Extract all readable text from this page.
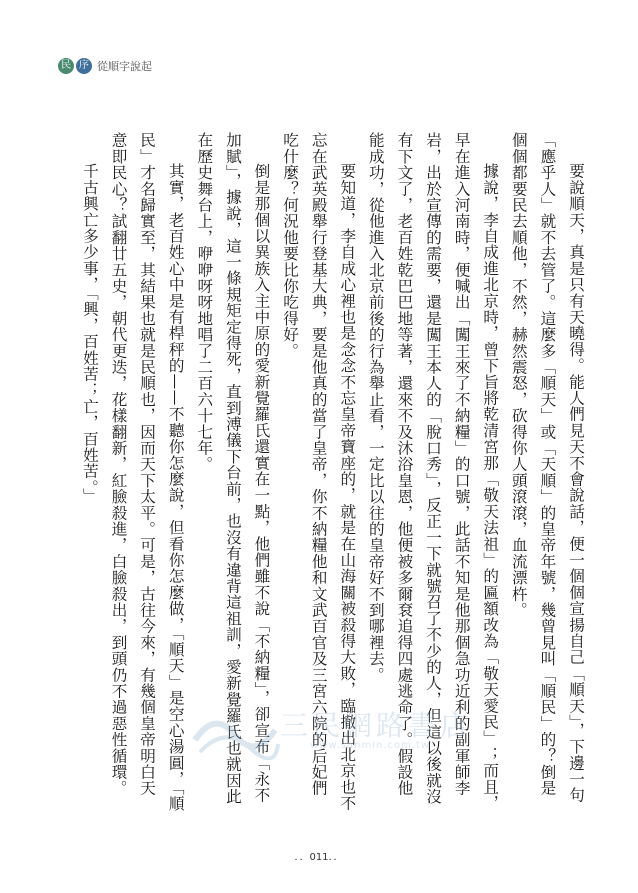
民 序 從順字說起

要說順天，真是只有天曉得。能人們見天不會說話，便一個個宣揚自己「順天」，下邊一句「應乎人」就不去管了。這麼多「順天」或「天順」的皇帝年號，幾曾見叫「順民」的？倒是個個都要民去順他，不然，赫然震怒，砍得你人頭滾滾，血流漂杵。

據說，李自成進北京時，曾下旨將乾清宮那「敬天法祖」的匾額改為「敬天愛民」；而且，早在進入河南時，便喊出「闖王來了不納糧」的口號，此話不知是他那個急功近利的副軍師李岩，出於宣傳的需要，還是闖王本人的「脫口秀」，反正一下就號召了不少的人，但這以後就沒有下文了，老百姓乾巴巴地等著，還來不及沐浴皇恩，他便被多爾袞追得四處逃命了。假設他能成功，從他進入北京前後的行為舉止看，一定比以往的皇帝好不到哪裡去。

要知道，李自成心裡也是念念不忘皇帝寶座的，就是在山海關被殺得大敗，臨撤出北京也不忘在武英殿舉行登基大典，要是他真的當了皇帝，你不納糧他和文武百官及三宮六院的后妃們吃什麼？何況他要比你吃得好。

倒是那個以異族入主中原的愛新覺羅氏還實在一點，他們雖不說「不納糧」，卻宣布「永不加賦」，據說，這一條規矩定得死，直到溥儀下台前，也沒有違背這祖訓，愛新覺羅氏也就因此在歷史舞台上，咿咿呀呀地唱了二百六十七年。

其實，老百姓心中是有桿秤的——不聽你怎麼說，但看你怎麼做，「順天」是空心湯圓，「順民」才名歸實至，其結果也就是民順也，因而天下太平。可是，古往今來，有幾個皇帝明白天意即民心？試翻廿五史，朝代更迭，花樣翻新，紅臉殺進，白臉殺出，到頭仍不過惡性循環。

千古興亡多少事，「興，百姓苦；亡，百姓苦。」

三民網路書店
www.sanmin.com.tw
．．011．．
